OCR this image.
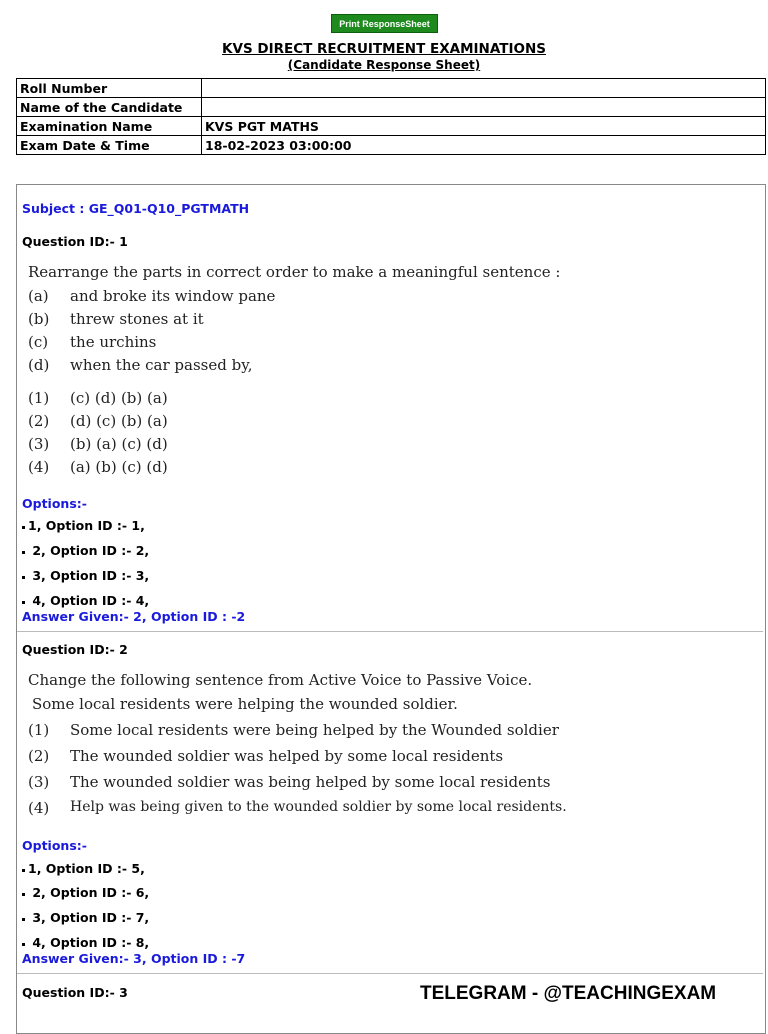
Print ResponseSheet
KVS DIRECT RECRUITMENT EXAMINATIONS
(Candidate Response Sheet)
Roll Number	
Name of the Candidate	
Examination Name	KVS PGT MATHS
Exam Date & Time	18-02-2023 03:00:00
Subject : GE_Q01-Q10_PGTMATH
Question ID:- 1
Rearrange the parts in correct order to make a meaningful sentence :
(a) and broke its window pane
(b) threw stones at it
(c) the urchins
(d) when the car passed by,
(1) (c) (d) (b) (a)
(2) (d) (c) (b) (a)
(3) (b) (a) (c) (d)
(4) (a) (b) (c) (d)
Options:-
1, Option ID :- 1,
2, Option ID :- 2,
3, Option ID :- 3,
4, Option ID :- 4,
Answer Given:- 2, Option ID : -2
Question ID:- 2
Change the following sentence from Active Voice to Passive Voice.
Some local residents were helping the wounded soldier.
(1) Some local residents were being helped by the Wounded soldier
(2) The wounded soldier was helped by some local residents
(3) The wounded soldier was being helped by some local residents
(4) Help was being given to the wounded soldier by some local residents.
Options:-
1, Option ID :- 5,
2, Option ID :- 6,
3, Option ID :- 7,
4, Option ID :- 8,
Answer Given:- 3, Option ID : -7
Question ID:- 3	TELEGRAM - @TEACHINGEXAM
